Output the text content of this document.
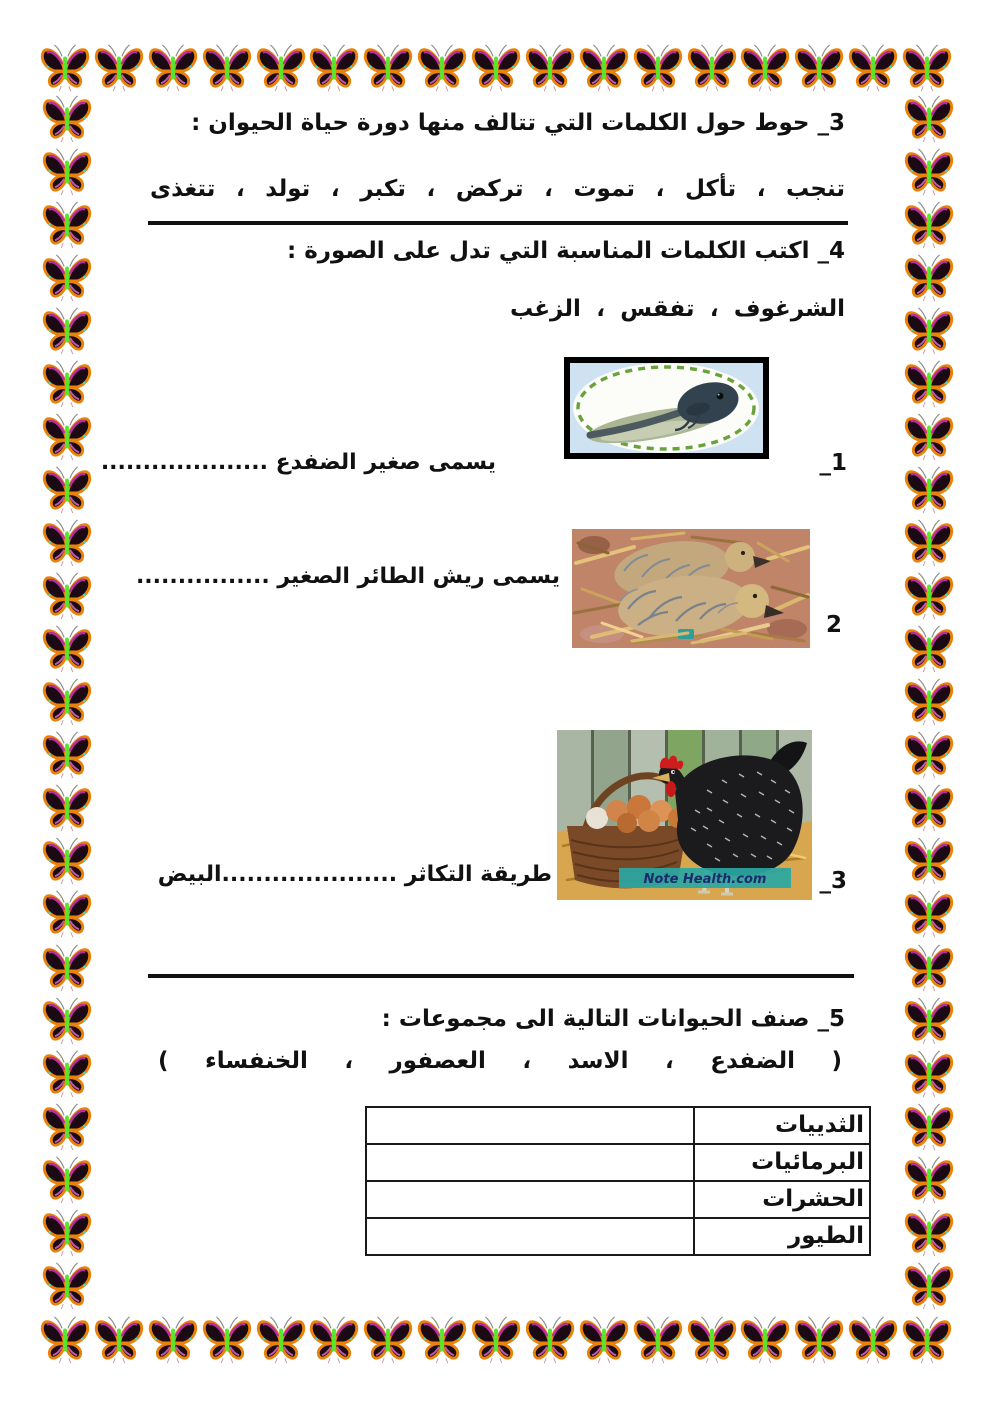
3_ حوط حول الكلمات التي تتالف منها دورة حياة الحيوان :
تنجب ، تأكل ، تموت ، تركض ، تكبر ، تولد ، تتغذى
4_ اكتب الكلمات المناسبة التي تدل على الصورة :
الشرغوف ، تفقس ، الزغب
1_
يسمى صغير الضفدع ....................
يسمى ريش الطائر الصغير ................
2
Note Health.com
طريقة التكاثر .....................البيض	3_
5_ صنف الحيوانات التالية الى مجموعات :
( الضفدع ، الاسد ، العصفور ، الخنفساء )
الثدييات
البرمائيات
الحشرات
الطيور
